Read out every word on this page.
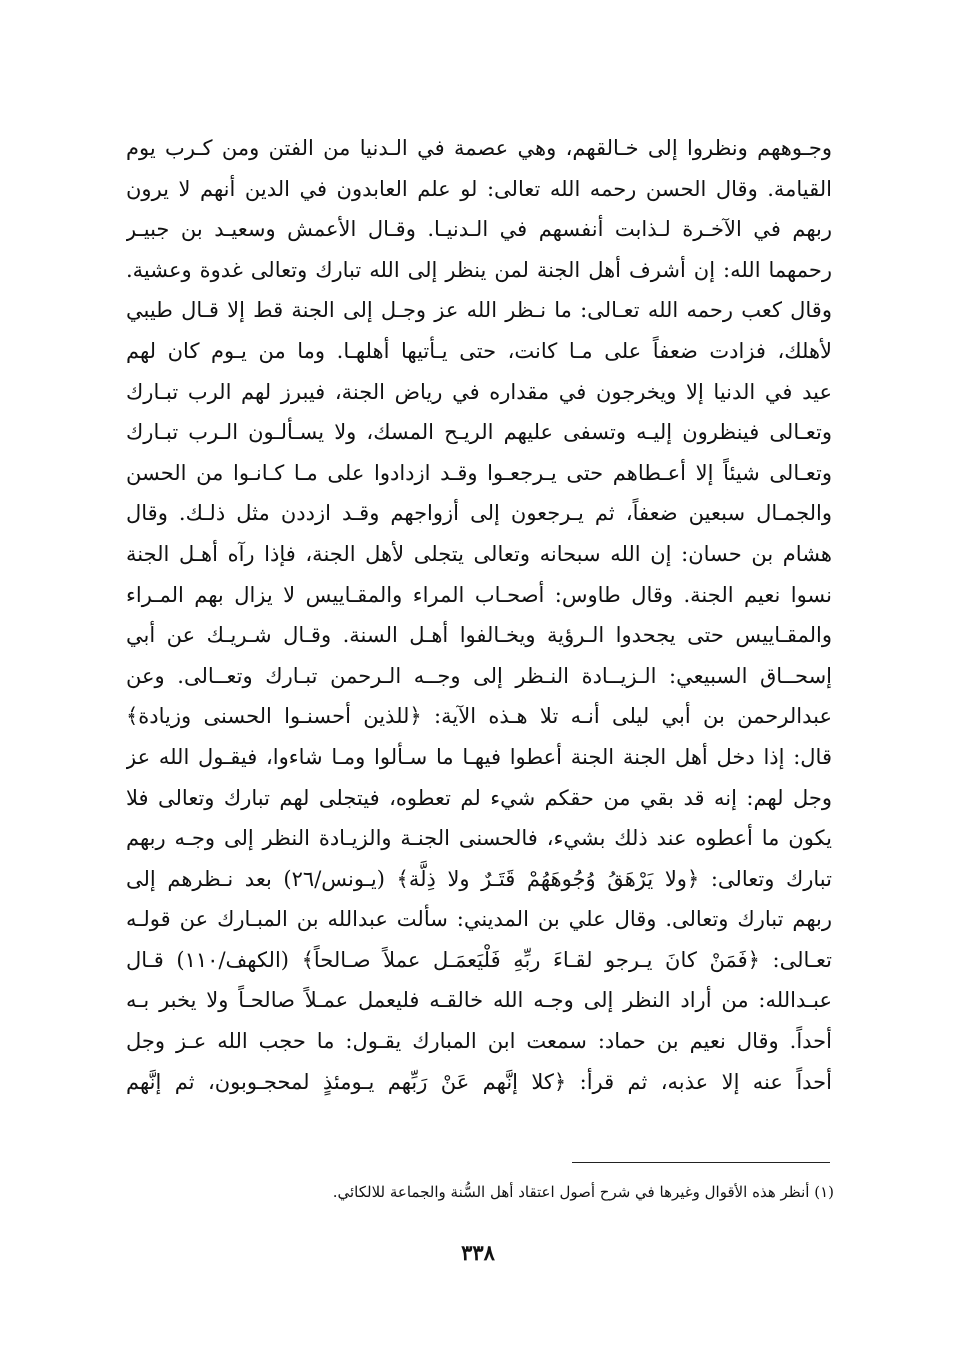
وجـوههم ونظروا إلى خـالقهم، وهي عصمة في الـدنيا من الفتن ومن كـرب يوم
القيامة. وقال الحسن رحمه الله تعالى: لو علم العابدون في الدين أنهم لا يرون
ربهم في الآخـرة لـذابت أنفسهم في الـدنيـا. وقـال الأعمش وسعيـد بن جبيـر
رحمهما الله: إن أشرف أهل الجنة لمن ينظر إلى الله تبارك وتعالى غدوة وعشية.
وقال كعب رحمه الله تعـالى: ما نـظر الله عز وجـل إلى الجنة قط إلا قـال طيبي
لأهلك، فزادت ضعفاً على مـا كانت، حتى يـأتيها أهلهـا. وما من يـوم كان لهم
عيد في الدنيا إلا ويخرجون في مقداره في رياض الجنة، فيبرز لهم الرب تبـارك
وتعـالى فينظرون إليـه وتسفى عليهم الريـح المسك، ولا يسـألـون الـرب تبـارك
وتعـالى شيئاً إلا أعـطاهم حتى يـرجعـوا وقـد ازدادوا على مـا كـانـوا من الحسن
والجمـال سبعين ضعفاً، ثم يـرجعون إلى أزواجهم وقـد ازددن مثل ذلـك. وقال
هشام بن حسان: إن الله سبحانه وتعالى يتجلى لأهل الجنة، فإذا رآه أهـل الجنة
نسوا نعيم الجنة. وقال طاوس: أصحـاب المراء والمقـاييس لا يزال بهم المـراء
والمقـاييس حتى يجحدوا الـرؤية ويخـالفوا أهـل السنة. وقـال شـريـك عن أبي
إسحــاق السبيعي: الـزيــادة النـظر إلى وجــه الـرحمن تبـارك وتعــالى. وعن
عبدالرحمن بن أبي ليلى أنـه تلا هـذه الآية: ﴿للذين أحسنـوا الحسنى وزيادة﴾
قال: إذا دخل أهل الجنة الجنة أعطوا فيهـا ما سـألوا ومـا شاءوا، فيقـول الله عز
وجل لهم: إنه قد بقي من حقكم شيء لم تعطوه، فيتجلى لهم تبارك وتعالى فلا
يكون ما أعطوه عند ذلك بشيء، فالحسنى الجنـة والزيـادة النظر إلى وجـه ربهم
تبارك وتعالى: ﴿ولا يَرْهَقُ وُجُوهَهُمْ قَتَـرٌ ولا ذِلَّة﴾ (يـونس/٢٦) بعد نـظرهم إلى
ربهم تبارك وتعالى. وقال علي بن المديني: سألت عبدالله بن المبـارك عن قولـه
تعـالى: ﴿فَمَنْ كانَ يـرجو لقـاءَ ربِّهِ فَلْيَعمَـل عملاً صـالحاً﴾ (الكهف/١١٠) قـال
عبـدالله: من أراد النظر إلى وجـه الله خالقـه فليعمل عمـلاً صالحـاً ولا يخبر بـه
أحداً. وقال نعيم بن حماد: سمعت ابن المبارك يقـول: ما حجب الله عـز وجل
أحداً عنه إلا عذبه، ثم قرأ: ﴿كلا إنَّهم عَنْ رَبِّهم يـومئذٍ لمحجـوبون، ثم إنَّهم
(١) أنظر هذه الأقوال وغيرها في شرح أصول اعتقاد أهل السُّنة والجماعة للالكائي.
٣٣٨
